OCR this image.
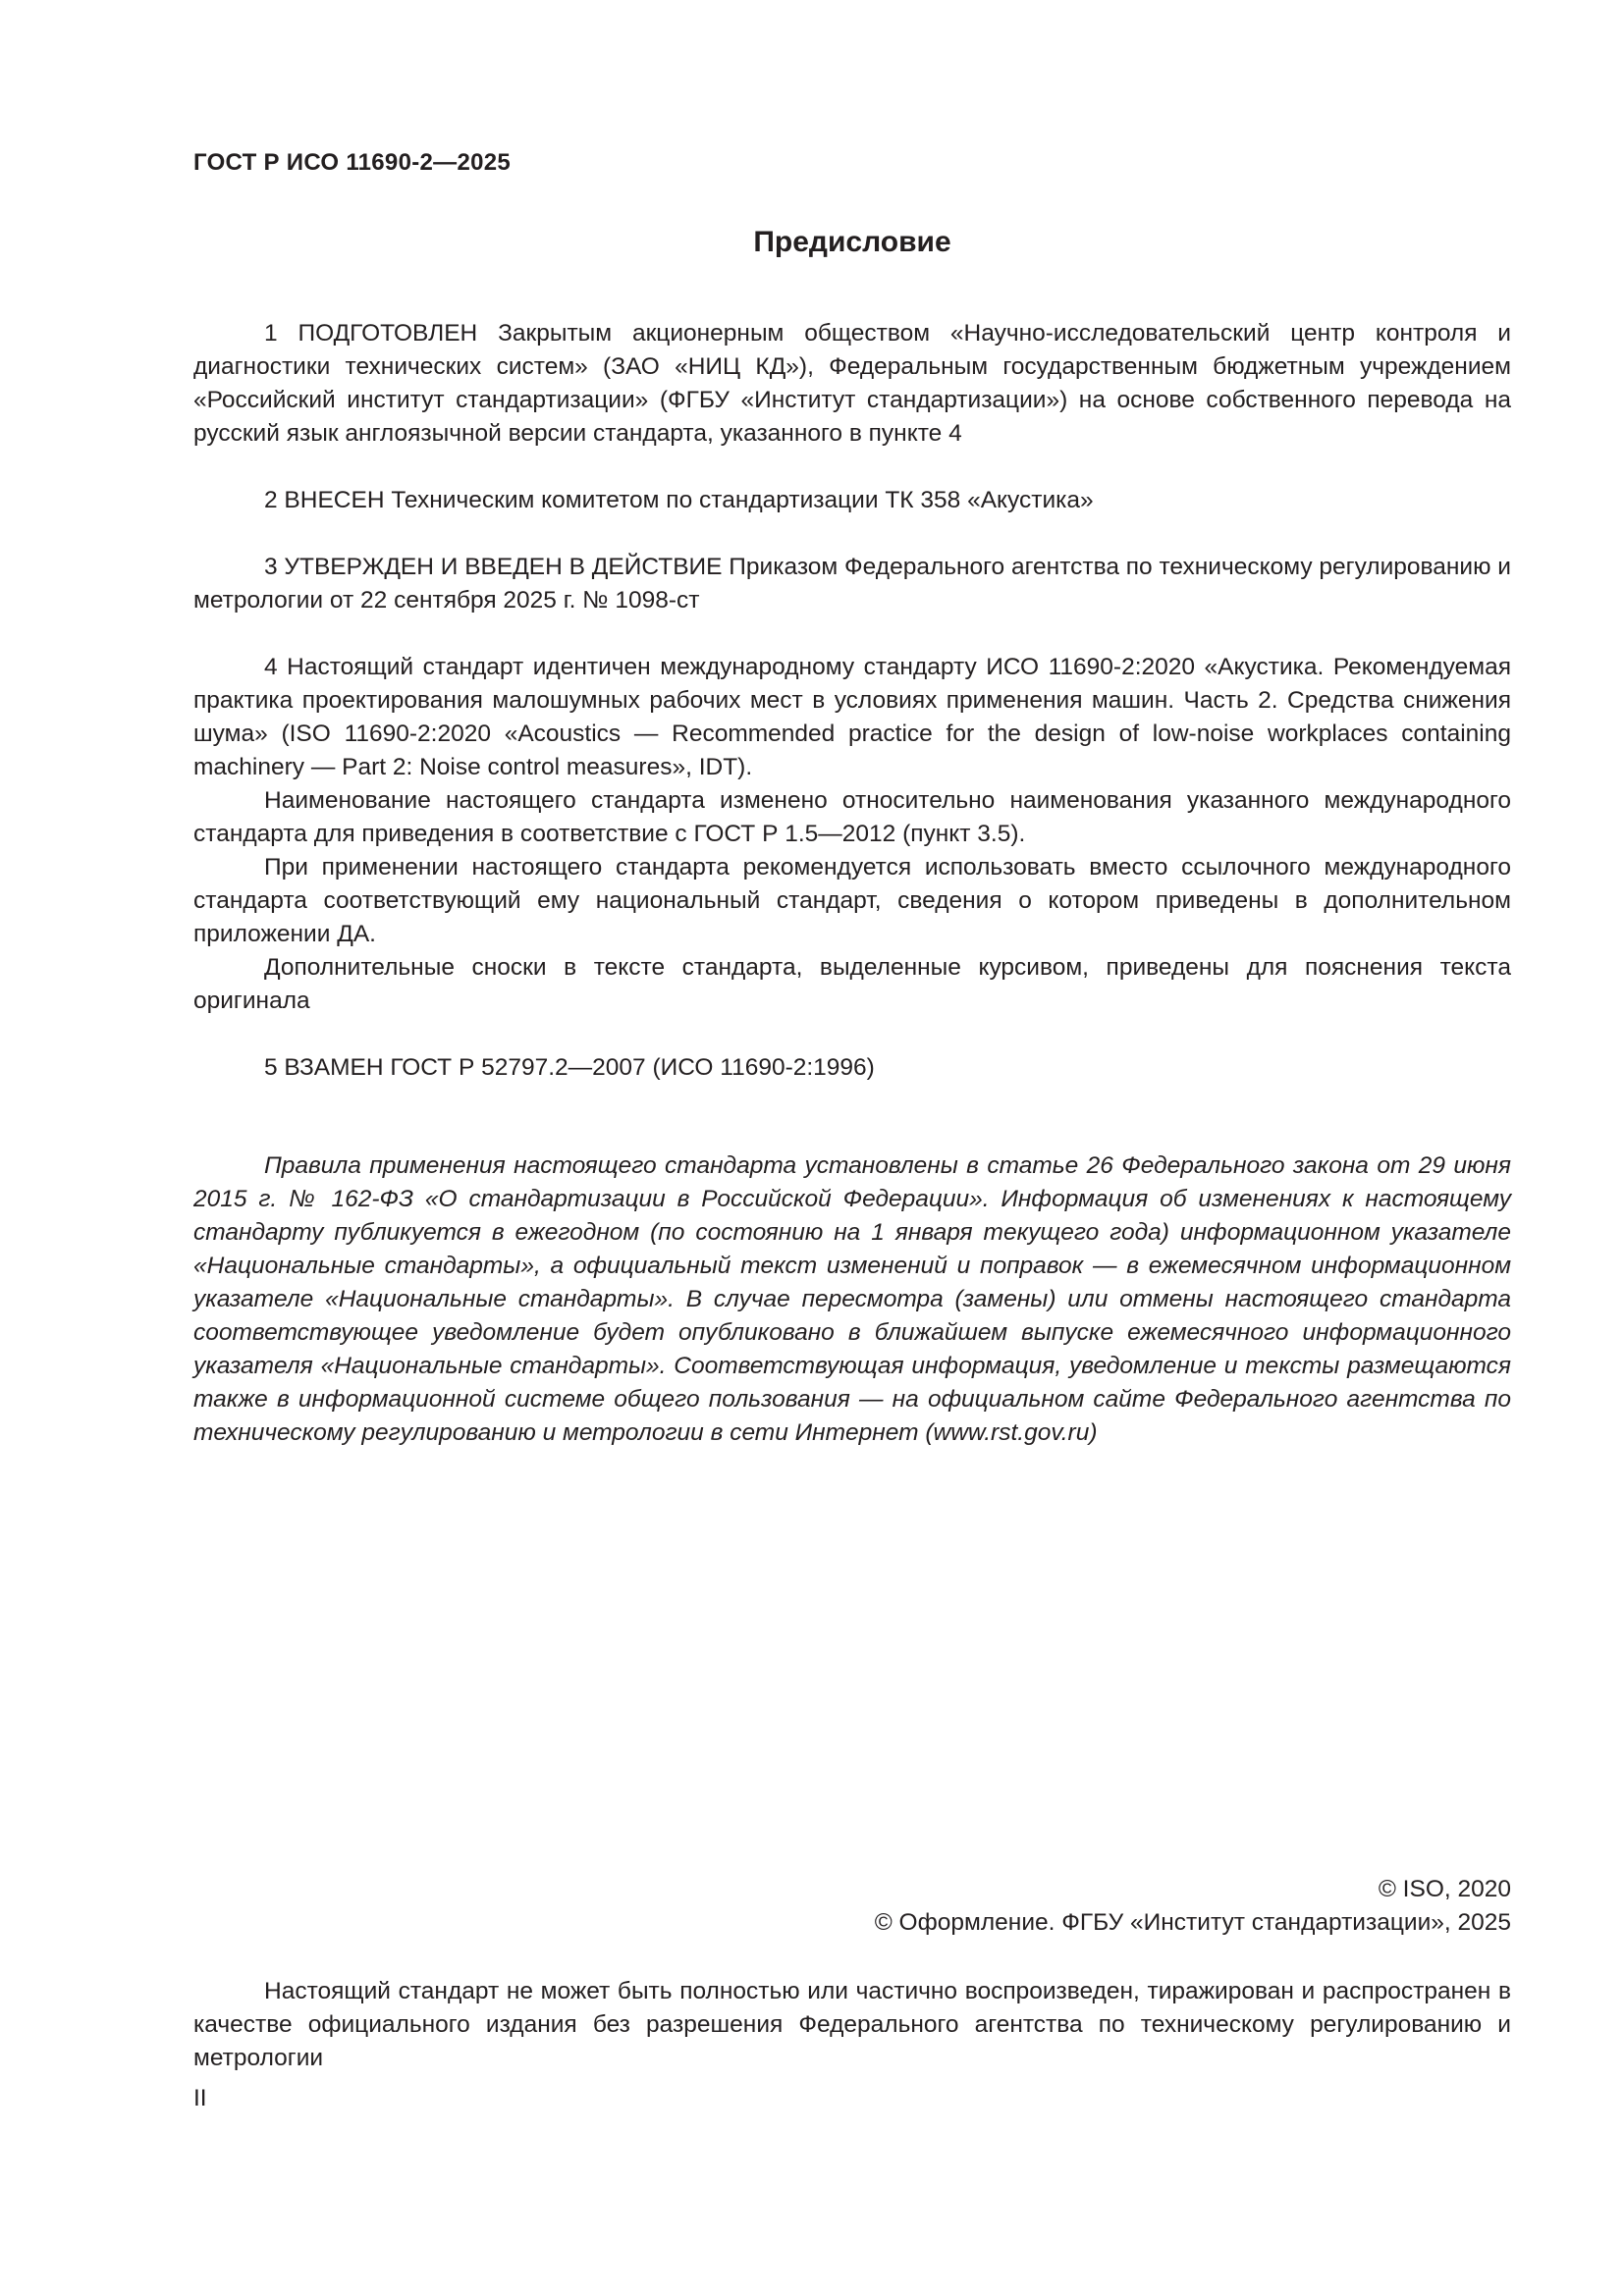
ГОСТ Р ИСО 11690-2—2025
Предисловие

1 ПОДГОТОВЛЕН Закрытым акционерным обществом «Научно-исследовательский центр контроля и диагностики технических систем» (ЗАО «НИЦ КД»), Федеральным государственным бюджетным учреждением «Российский институт стандартизации» (ФГБУ «Институт стандартизации») на основе собственного перевода на русский язык англоязычной версии стандарта, указанного в пункте 4

2 ВНЕСЕН Техническим комитетом по стандартизации ТК 358 «Акустика»

3 УТВЕРЖДЕН И ВВЕДЕН В ДЕЙСТВИЕ Приказом Федерального агентства по техническому регулированию и метрологии от 22 сентября 2025 г. № 1098-ст

4 Настоящий стандарт идентичен международному стандарту ИСО 11690-2:2020 «Акустика. Рекомендуемая практика проектирования малошумных рабочих мест в условиях применения машин. Часть 2. Средства снижения шума» (ISO 11690-2:2020 «Acoustics — Recommended practice for the design of low-noise workplaces containing machinery — Part 2: Noise control measures», IDT).

Наименование настоящего стандарта изменено относительно наименования указанного международного стандарта для приведения в соответствие с ГОСТ Р 1.5—2012 (пункт 3.5).

При применении настоящего стандарта рекомендуется использовать вместо ссылочного международного стандарта соответствующий ему национальный стандарт, сведения о котором приведены в дополнительном приложении ДА.

Дополнительные сноски в тексте стандарта, выделенные курсивом, приведены для пояснения текста оригинала

5 ВЗАМЕН ГОСТ Р 52797.2—2007 (ИСО 11690-2:1996)

Правила применения настоящего стандарта установлены в статье 26 Федерального закона от 29 июня 2015 г. № 162-ФЗ «О стандартизации в Российской Федерации». Информация об изменениях к настоящему стандарту публикуется в ежегодном (по состоянию на 1 января текущего года) информационном указателе «Национальные стандарты», а официальный текст изменений и поправок — в ежемесячном информационном указателе «Национальные стандарты». В случае пересмотра (замены) или отмены настоящего стандарта соответствующее уведомление будет опубликовано в ближайшем выпуске ежемесячного информационного указателя «Национальные стандарты». Соответствующая информация, уведомление и тексты размещаются также в информационной системе общего пользования — на официальном сайте Федерального агентства по техническому регулированию и метрологии в сети Интернет (www.rst.gov.ru)

© ISO, 2020
© Оформление. ФГБУ «Институт стандартизации», 2025

Настоящий стандарт не может быть полностью или частично воспроизведен, тиражирован и распространен в качестве официального издания без разрешения Федерального агентства по техническому регулированию и метрологии

II
